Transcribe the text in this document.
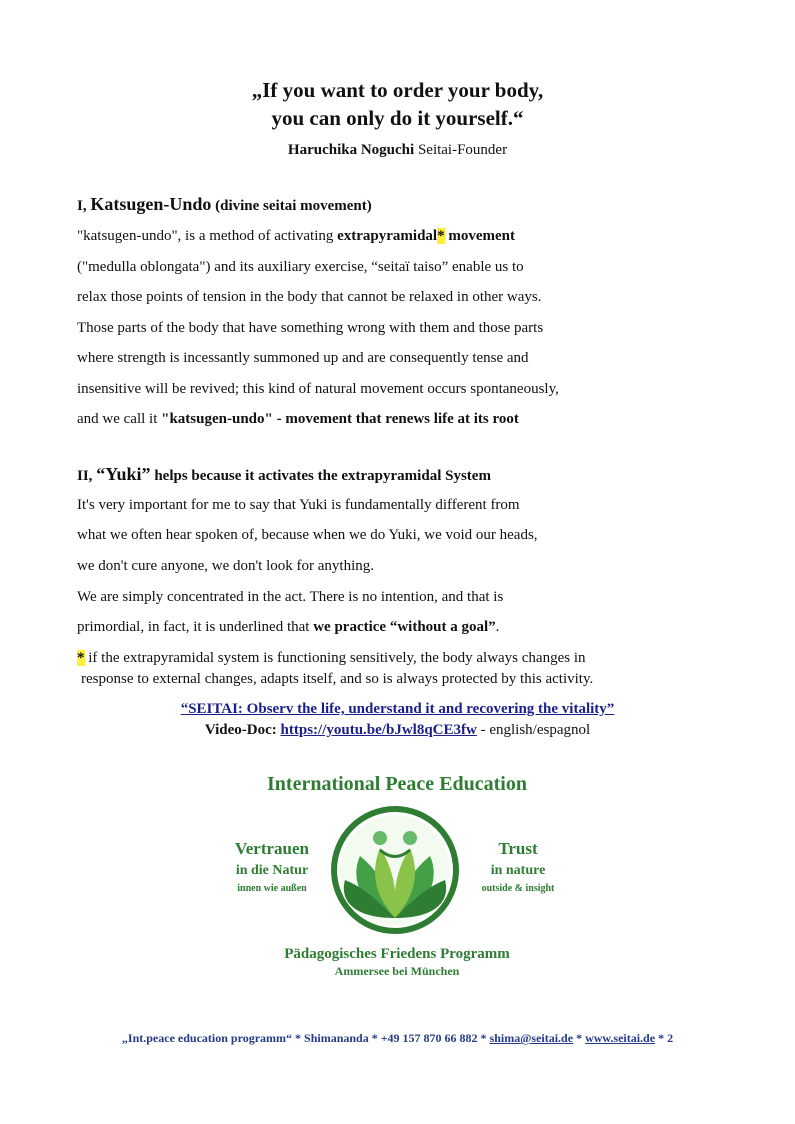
„If you want to order your body,
you can only do it yourself.“
Haruchika Noguchi Seitai-Founder
I, Katsugen-Undo (divine seitai movement)
"katsugen-undo", is a method of activating extrapyramidal* movement
("medulla oblongata") and its auxiliary exercise, “seitaï taiso” enable us to
relax those points of tension in the body that cannot be relaxed in other ways.
Those parts of the body that have something wrong with them and those parts
where strength is incessantly summoned up and are consequently tense and
insensitive will be revived; this kind of natural movement occurs spontaneously,
and we call it "katsugen-undo" - movement that renews life at its root
II, “Yuki” helps because it activates the extrapyramidal System
It's very important for me to say that Yuki is fundamentally different from
what we often hear spoken of, because when we do Yuki, we void our heads,
we don't cure anyone, we don't look for anything.
We are simply concentrated in the act. There is no intention, and that is
primordial, in fact, it is underlined that we practice “without a goal”.
* if the extrapyramidal system is functioning sensitively, the body always changes in
response to external changes, adapts itself, and so is always protected by this activity.
“SEITAI: Observ the life, understand it and recovering the vitality”
Video-Doc: https://youtu.be/bJwl8qCE3fw - english/espagnol
International Peace Education
Vertrauen
in die Natur
innen wie außen
Trust
in nature
outside & insight
Pädagogisches Friedens Programm
Ammersee bei München
„Int.peace education programm“ * Shimananda * +49 157 870 66 882 * shima@seitai.de * www.seitai.de * 2
